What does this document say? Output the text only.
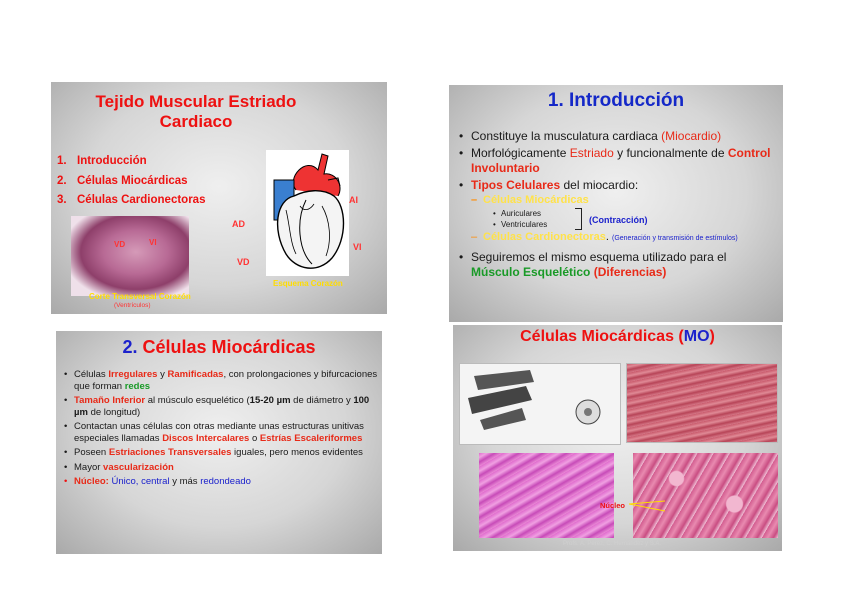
Tejido Muscular Estriado
Cardiaco
1. Introducción
2. Células Miocárdicas
3. Células Cardionectoras
VD	VI
Corte Transversal Corazón
(Ventrículos)
AI
AD
VI
VD
Esquema Corazón
1. Introducción
• Constituye la musculatura cardiaca (Miocardio)
• Morfológicamente Estriado y funcionalmente de Control Involuntario
• Tipos Celulares del miocardio:
– Células Miocárdicas
• Auriculares
• Ventriculares	(Contracción)
– Células Cardionectoras. (Generación y transmisión de estímulos)
• Seguiremos el mismo esquema utilizado para el Músculo Esquelético (Diferencias)
2. Células Miocárdicas
• Células Irregulares y Ramificadas, con prolongaciones y bifurcaciones que forman redes
• Tamaño Inferior al músculo esquelético (15-20 µm de diámetro y 100 µm de longitud)
• Contactan unas células con otras mediante unas estructuras unitivas especiales llamadas Discos Intercalares o Estrías Escaleriformes
• Poseen Estriaciones Transversales iguales, pero menos evidentes
• Mayor vascularización
• Núcleo: Único, central y más redondeado
Células Miocárdicas (MO)
Núcleo
Profs. A. Pérez, C. Hernández y S.A.
